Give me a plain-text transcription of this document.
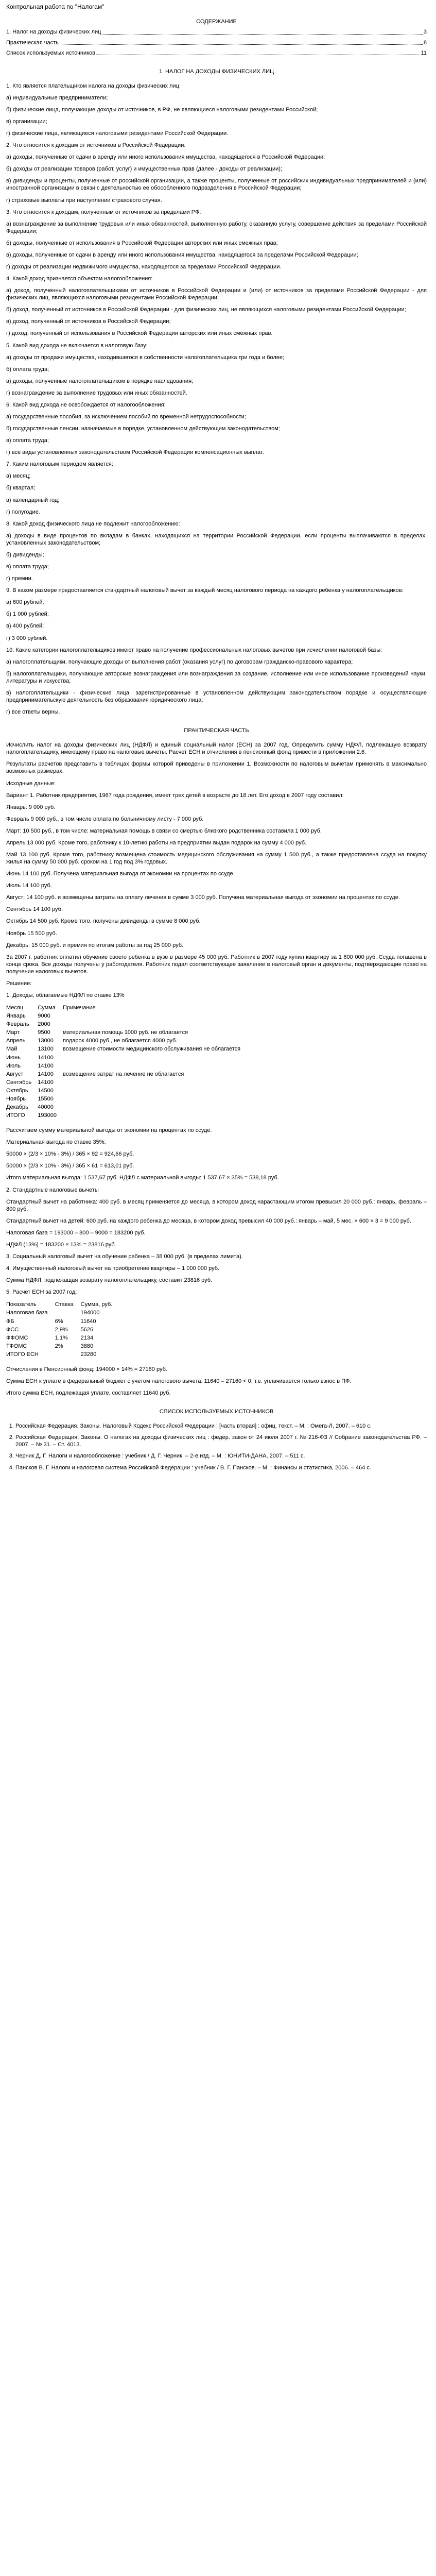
Контрольная работа по "Налогам"
СОДЕРЖАНИЕ
1. Налог на доходы физических лиц	3
Практическая часть	8
Список используемых источников	11
1. НАЛОГ НА ДОХОДЫ ФИЗИЧЕСКИХ ЛИЦ

1. Кто является плательщиком налога на доходы физических лиц:

а) индивидуальные предприниматели;

б) физические лица, получающие доходы от источников, в РФ, не являющиеся налоговыми резидентами Российской;

в) организации;

г) физические лица, являющиеся налоговыми резидентами Российской Федерации.

2. Что относится к доходам от источников в Российской Федерации:

а) доходы, полученные от сдачи в аренду или иного использования имущества, находящегося в Российской Федерации;

б) доходы от реализации товаров (работ, услуг) и имущественных прав (далее - доходы от реализации);

в) дивиденды и проценты, полученные от российской организации, а также проценты, полученные от российских индивидуальных предпринимателей и (или) иностранной организации в связи с деятельностью ее обособленного подразделения в Российской Федерации;

г) страховые выплаты при наступлении страхового случая.

3. Что относится к доходам, полученным от источников за пределами РФ:

а) вознаграждение за выполнение трудовых или иных обязанностей, выполненную работу, оказанную услугу, совершение действия за пределами Российской Федерации;

б) доходы, полученные от использования в Российской Федерации авторских или иных смежных прав;

в) доходы, полученные от сдачи в аренду или иного использования имущества, находящегося за пределами Российской Федерации;

г) доходы от реализации недвижимого имущества, находящегося за пределами Российской Федерации.

4. Какой доход признается объектом налогообложения:

а) доход, полученный налогоплательщиками от источников в Российской Федерации и (или) от источников за пределами Российской Федерации - для физических лиц, являющихся налоговыми резидентами Российской Федерации;

б) доход, полученный от источников в Российской Федерации - для физических лиц, не являющихся налоговыми резидентами Российской Федерации;

в) доход, полученный от источников в Российской Федерации;

г) доход, полученный от использования в Российской Федерации авторских или иных смежных прав.

5. Какой вид дохода не включается в налоговую базу:

а) доходы от продажи имущества, находившегося в собственности налогоплательщика три года и более;

б) оплата труда;

в) доходы, полученные налогоплательщиком в порядке наследования;

г) вознаграждение за выполнение трудовых или иных обязанностей.

6. Какой вид дохода не освобождается от налогообложения:

а) государственные пособия, за исключением пособий по временной нетрудоспособности;

б) государственные пенсии, назначаемые в порядке, установленном действующим законодательством;

в) оплата труда;

г) все виды установленных законодательством Российской Федерации компенсационных выплат.

7. Каким налоговым периодом является:

а) месяц;

б) квартал;

в) календарный год;

г) полугодие.

8. Какой доход физического лица не подлежит налогообложению:

а) доходы в виде процентов по вкладам в банках, находящихся на территории Российской Федерации, если проценты выплачиваются в пределах, установленных законодательством;

б) дивиденды;

в) оплата труда;

г) премии.

9. В каком размере предоставляется стандартный налоговый вычет за каждый месяц налогового периода на каждого ребенка у налогоплательщиков:

а) 600 рублей;

б) 1 000 рублей;

в) 400 рублей;

г) 3 000 рублей.

10. Какие категории налогоплательщиков имеют право на получение профессиональных налоговых вычетов при исчислении налоговой базы:

а) налогоплательщики, получающие доходы от выполнения работ (оказания услуг) по договорам гражданско-правового характера;

б) налогоплательщики, получающие авторские вознаграждения или вознаграждения за создание, исполнение или иное использование произведений науки, литературы и искусства;

в) налогоплательщики - физические лица, зарегистрированные в установленном действующим законодательством порядке и осуществляющие предпринимательскую деятельность без образования юридического лица;

г) все ответы верны.

ПРАКТИЧЕСКАЯ ЧАСТЬ

Исчислить налог на доходы физических лиц (НДФЛ) и единый социальный налог (ЕСН) за 2007 год. Определить сумму НДФЛ, подлежащую возврату налогоплательщику, имеющему право на налоговые вычеты. Расчет ЕСН и отчисления в пенсионный фонд привести в приложении 2.6.

Результаты расчетов представить в таблицах формы которой приведены в приложении 1. Возможности по налоговым вычетам применять в максимально возможных размерах.

Исходные данные:

Вариант 1. Работник предприятия, 1967 года рождения, имеет трех детей в возрасте до 18 лет. Его доход в 2007 году составил:

Январь: 9 000 руб.

Февраль 9 000 руб., в том числе оплата по больничному листу - 7 000 руб.

Март: 10 500 руб., в том числе: материальная помощь в связи со смертью близкого родственника составила 1 000 руб.

Апрель 13 000 руб. Кроме того, работнику к 10-летию работы на предприятии выдан подарок на сумму 4 000 руб.

Май 13 100 руб. Кроме того, работнику возмещена стоимость медицинского обслуживания на сумму 1 500 руб., а также предоставлена ссуда на покупку жилья на сумму 50 000 руб. сроком на 1 год под 3% годовых.

Июнь 14 100 руб. Получена материальная выгода от экономии на процентах по ссуде.

Июль 14 100 руб.

Август: 14 100 руб. и возмещены затраты на оплату лечения в сумме 3 000 руб. Получена материальная выгода от экономии на процентах по ссуде.

Сентябрь 14 100 руб.

Октябрь 14 500 руб. Кроме того, получены дивиденды в сумме 8 000 руб.

Ноябрь 15 500 руб.

Декабрь: 15 000 руб. и премия по итогам работы за год 25 000 руб.

За 2007 г. работник оплатил обучение своего ребенка в вузе в размере 45 000 руб. Работник в 2007 году купил квартиру за 1 600 000 руб. Ссуда погашена в конце срока. Все доходы получены у работодателя. Работник подал соответствующее заявление в налоговый орган и документы, подтверждающие право на получение налоговых вычетов.

Решение:

1. Доходы, облагаемые НДФЛ по ставке 13%

Месяц	Сумма	Примечание
Январь	9000	
Февраль	2000	
Март	9500	материальная помощь 1000 руб. не облагается
Апрель	13000	подарок 4000 руб., не облагается 4000 руб.
Май	13100	возмещение стоимости медицинского обслуживания не облагается
Июнь	14100	
Июль	14100	
Август	14100	возмещение затрат на лечение не облагается
Сентябрь	14100	
Октябрь	14500	
Ноябрь	15500	
Декабрь	40000	
ИТОГО	193000	

Рассчитаем сумму материальной выгоды от экономии на процентах по ссуде.

Материальная выгода по ставке 35%:

50000 × (2/3 × 10% - 3%) / 365 × 92 = 924,66 руб.

50000 × (2/3 × 10% - 3%) / 365 × 61 = 613,01 руб.

Итого материальная выгода: 1 537,67 руб. НДФЛ с материальной выгоды: 1 537,67 × 35% = 538,18 руб.

2. Стандартные налоговые вычеты

Стандартный вычет на работника: 400 руб. в месяц применяется до месяца, в котором доход нарастающим итогом превысил 20 000 руб.: январь, февраль – 800 руб.

Стандартный вычет на детей: 600 руб. на каждого ребенка до месяца, в котором доход превысил 40 000 руб.: январь – май, 5 мес. × 600 × 3 = 9 000 руб.

Налоговая база = 193000 – 800 – 9000 = 183200 руб.

НДФЛ (13%) = 183200 × 13% = 23816 руб.

3. Социальный налоговый вычет на обучение ребенка – 38 000 руб. (в пределах лимита).

4. Имущественный налоговый вычет на приобретение квартиры – 1 000 000 руб.

Сумма НДФЛ, подлежащая возврату налогоплательщику, составит 23816 руб.

5. Расчет ЕСН за 2007 год:

Показатель	Ставка	Сумма, руб.
Налоговая база		194000
ФБ	6%	11640
ФСС	2,9%	5626
ФФОМС	1,1%	2134
ТФОМС	2%	3880
ИТОГО ЕСН		23280

Отчисления в Пенсионный фонд: 194000 × 14% = 27160 руб.

Сумма ЕСН к уплате в федеральный бюджет с учетом налогового вычета: 11640 – 27160 < 0, т.е. уплачивается только взнос в ПФ.

Итого сумма ЕСН, подлежащая уплате, составляет 11640 руб.

СПИСОК ИСПОЛЬЗУЕМЫХ ИСТОЧНИКОВ
1. Российская Федерация. Законы. Налоговый Кодекс Российской Федерации : [часть вторая] : офиц. текст. – М. : Омега-Л, 2007. – 610 с.
2. Российская Федерация. Законы. О налогах на доходы физических лиц : федер. закон от 24 июля 2007 г. № 216-ФЗ // Собрание законодательства РФ. – 2007. – № 31. – Ст. 4013.
3. Черник Д. Г. Налоги и налогообложение : учебник / Д. Г. Черник. – 2-е изд. – М. : ЮНИТИ-ДАНА, 2007. – 511 с.
4. Пансков В. Г. Налоги и налоговая система Российской Федерации : учебник / В. Г. Пансков. – М. : Финансы и статистика, 2006. – 464 с.
